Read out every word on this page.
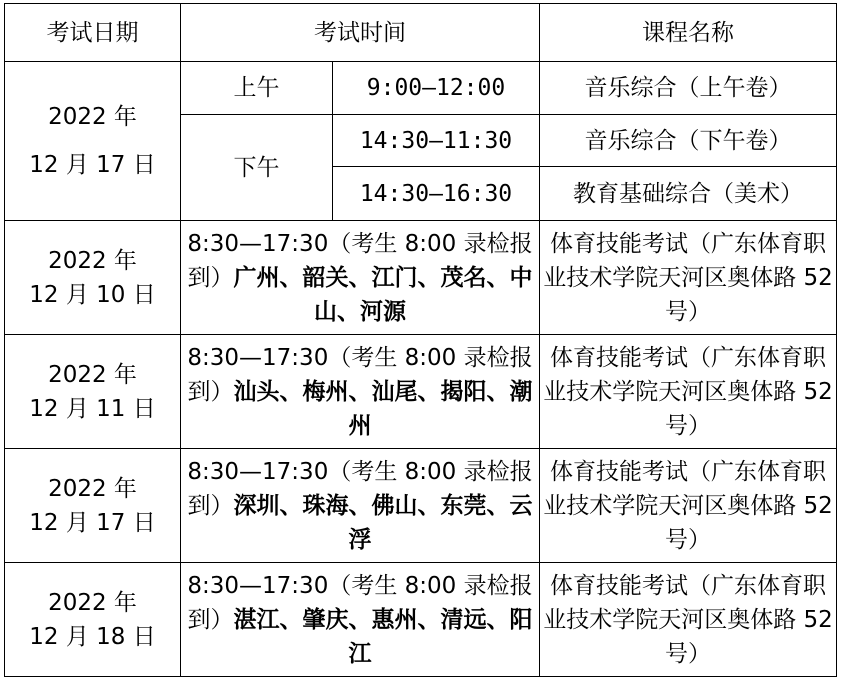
考试日期	考试时间		课程名称

2022 年
12 月 17 日	上午	9:00—12:00	音乐综合（上午卷）
	下午	14:30—11:30	音乐综合（下午卷）
		14:30—16:30	教育基础综合（美术）

2022 年
12 月 10 日	8:30—17:30（考生 8:00 录检报到）广州、韶关、江门、茂名、中山、河源		体育技能考试（广东体育职业技术学院天河区奥体路 52 号）

2022 年
12 月 11 日	8:30—17:30（考生 8:00 录检报到）汕头、梅州、汕尾、揭阳、潮州		体育技能考试（广东体育职业技术学院天河区奥体路 52 号）

2022 年
12 月 17 日	8:30—17:30（考生 8:00 录检报到）深圳、珠海、佛山、东莞、云浮		体育技能考试（广东体育职业技术学院天河区奥体路 52 号）

2022 年
12 月 18 日	8:30—17:30（考生 8:00 录检报到）湛江、肇庆、惠州、清远、阳江		体育技能考试（广东体育职业技术学院天河区奥体路 52 号）
